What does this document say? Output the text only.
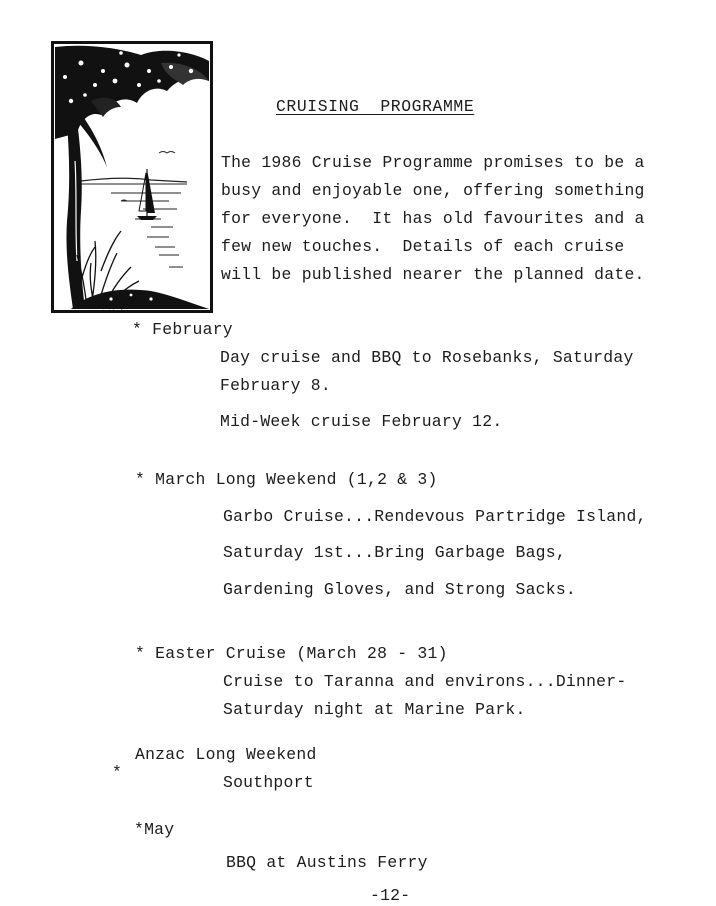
CRUISING  PROGRAMME
The 1986 Cruise Programme promises to be a
busy and enjoyable one, offering something
for everyone.  It has old favourites and a
few new touches.  Details of each cruise
will be published nearer the planned date.
* February
Day cruise and BBQ to Rosebanks, Saturday
February 8.
Mid-Week cruise February 12.
* March Long Weekend (1,2 & 3)
Garbo Cruise...Rendevous Partridge Island,
Saturday 1st...Bring Garbage Bags,
Gardening Gloves, and Strong Sacks.
* Easter Cruise (March 28 - 31)
Cruise to Taranna and environs...Dinner-
Saturday night at Marine Park.
Anzac Long Weekend
*
Southport
*May
BBQ at Austins Ferry
-12-
